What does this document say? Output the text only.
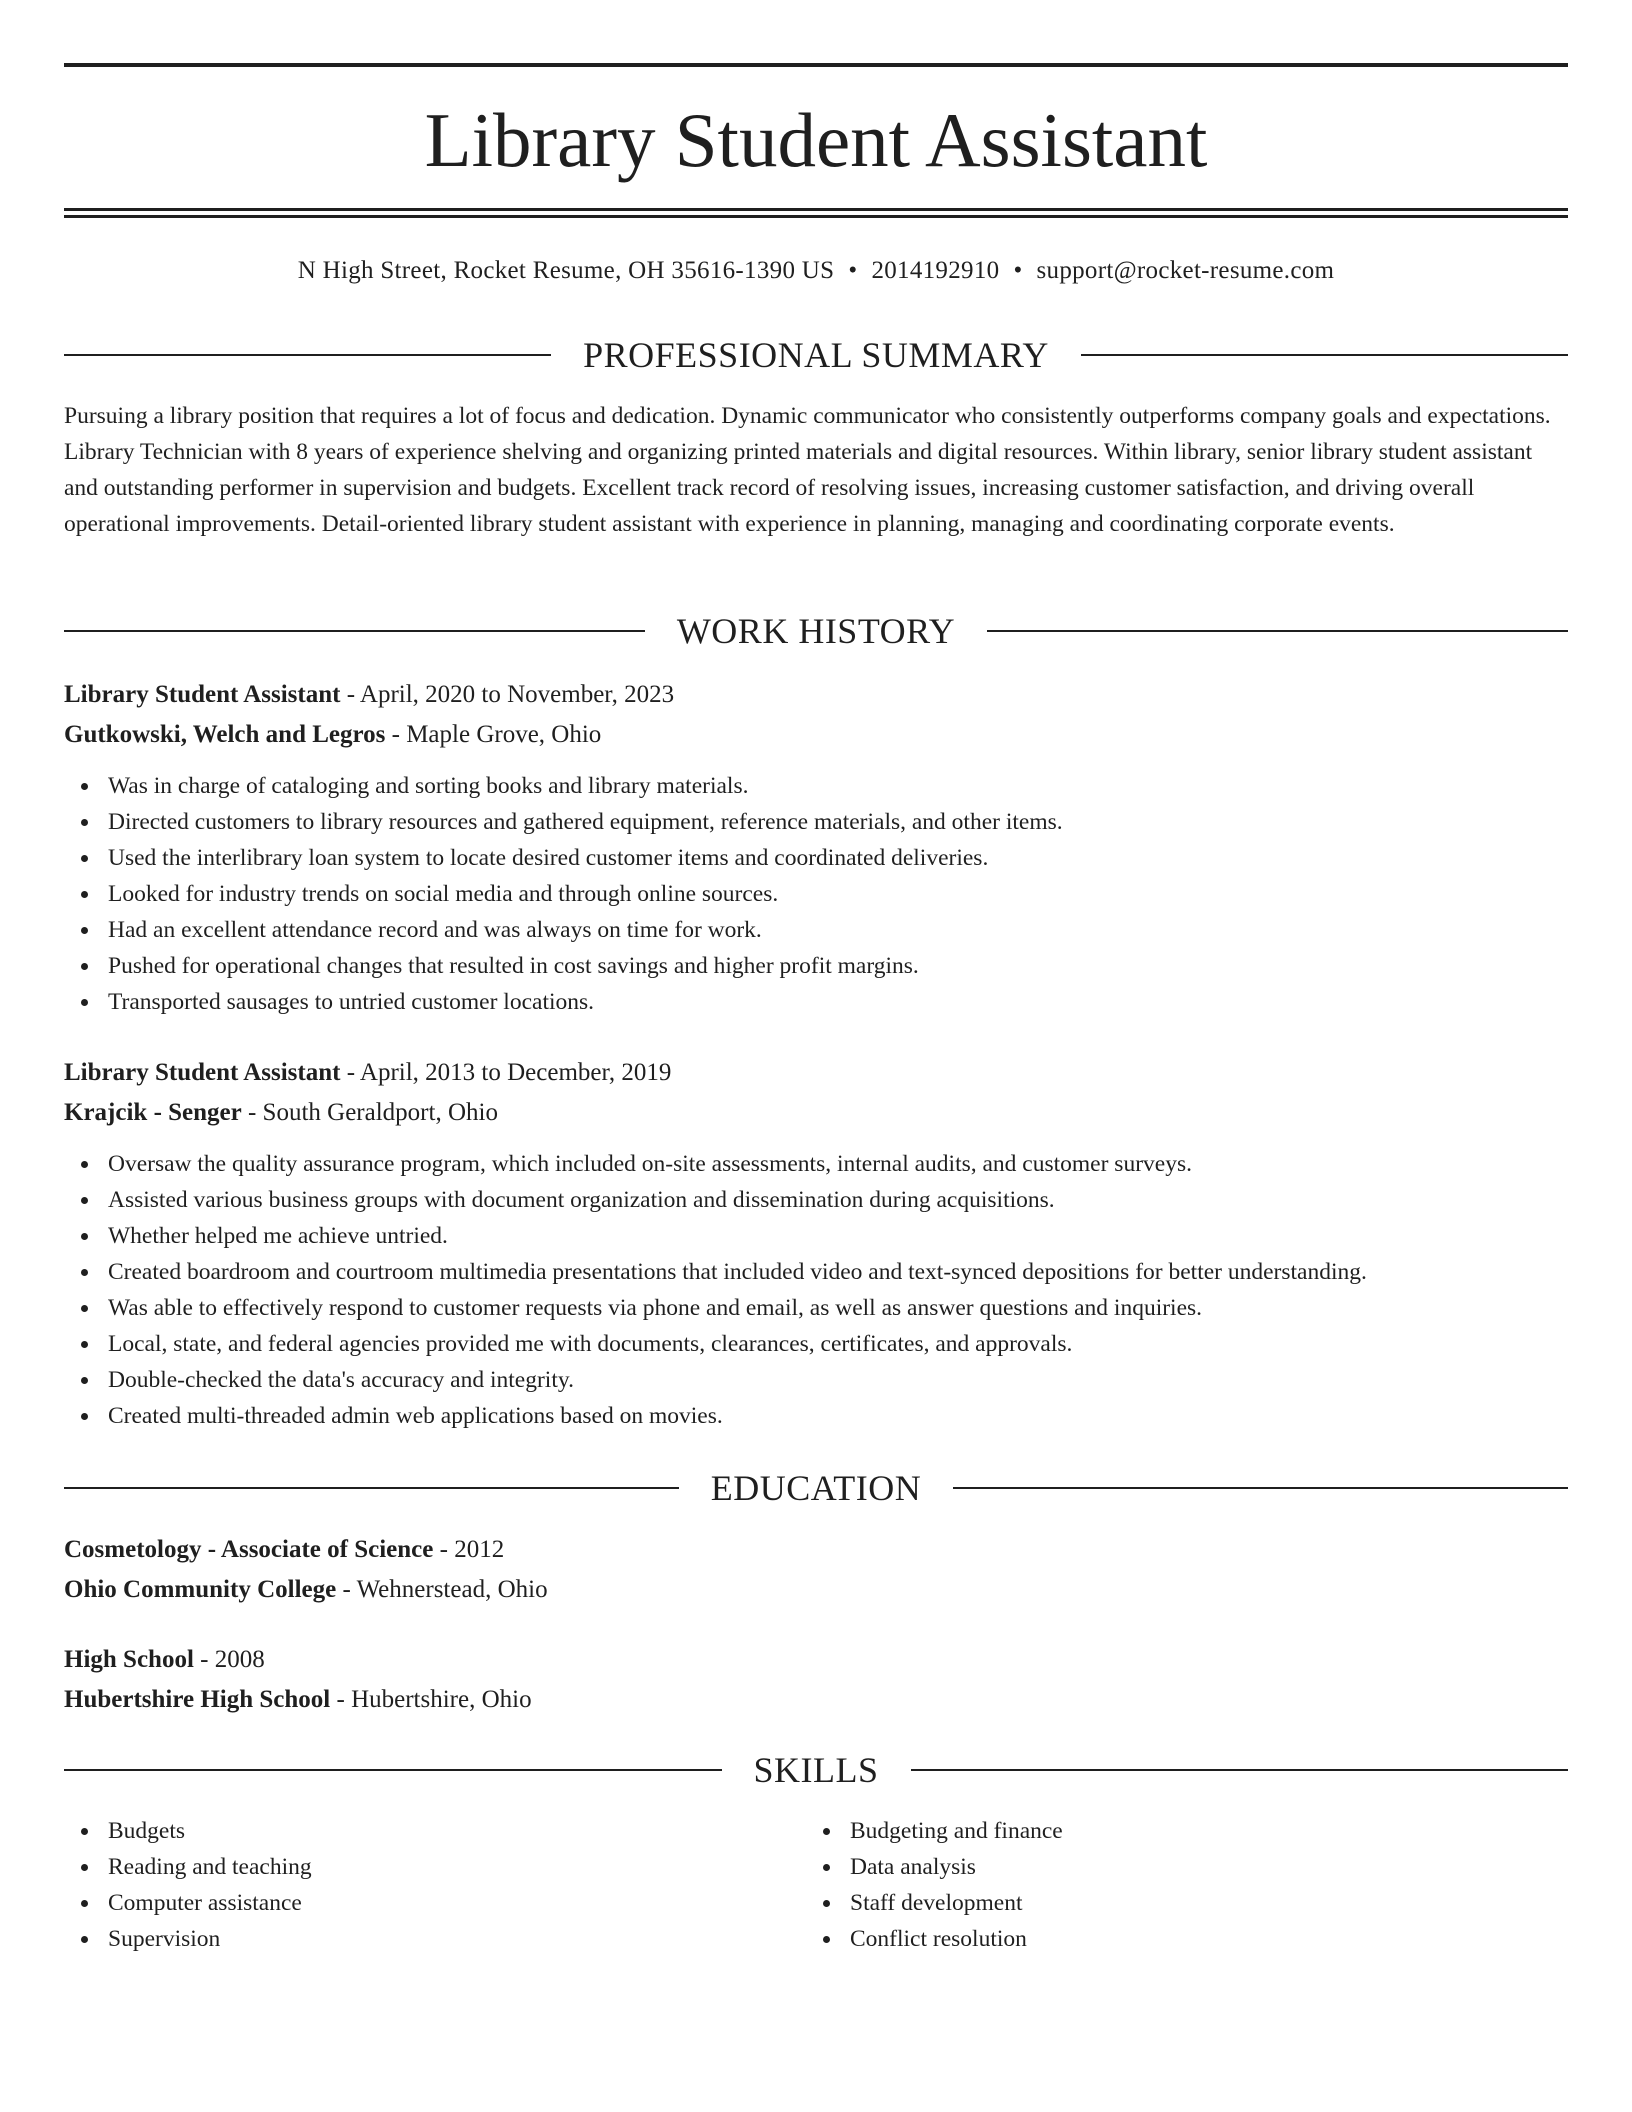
Library Student Assistant
N High Street, Rocket Resume, OH 35616-1390 US • 2014192910 • support@rocket-resume.com
PROFESSIONAL SUMMARY

Pursuing a library position that requires a lot of focus and dedication. Dynamic communicator who consistently outperforms company goals and expectations. Library Technician with 8 years of experience shelving and organizing printed materials and digital resources. Within library, senior library student assistant and outstanding performer in supervision and budgets. Excellent track record of resolving issues, increasing customer satisfaction, and driving overall operational improvements. Detail-oriented library student assistant with experience in planning, managing and coordinating corporate events.

WORK HISTORY
Library Student Assistant - April, 2020 to November, 2023
Gutkowski, Welch and Legros - Maple Grove, Ohio
Was in charge of cataloging and sorting books and library materials.
Directed customers to library resources and gathered equipment, reference materials, and other items.
Used the interlibrary loan system to locate desired customer items and coordinated deliveries.
Looked for industry trends on social media and through online sources.
Had an excellent attendance record and was always on time for work.
Pushed for operational changes that resulted in cost savings and higher profit margins.
Transported sausages to untried customer locations.
Library Student Assistant - April, 2013 to December, 2019
Krajcik - Senger - South Geraldport, Ohio
Oversaw the quality assurance program, which included on-site assessments, internal audits, and customer surveys.
Assisted various business groups with document organization and dissemination during acquisitions.
Whether helped me achieve untried.
Created boardroom and courtroom multimedia presentations that included video and text-synced depositions for better understanding.
Was able to effectively respond to customer requests via phone and email, as well as answer questions and inquiries.
Local, state, and federal agencies provided me with documents, clearances, certificates, and approvals.
Double-checked the data's accuracy and integrity.
Created multi-threaded admin web applications based on movies.
EDUCATION
Cosmetology - Associate of Science - 2012
Ohio Community College - Wehnerstead, Ohio
High School - 2008
Hubertshire High School - Hubertshire, Ohio
SKILLS
Budgets
Reading and teaching
Computer assistance
Supervision
Budgeting and finance
Data analysis
Staff development
Conflict resolution
